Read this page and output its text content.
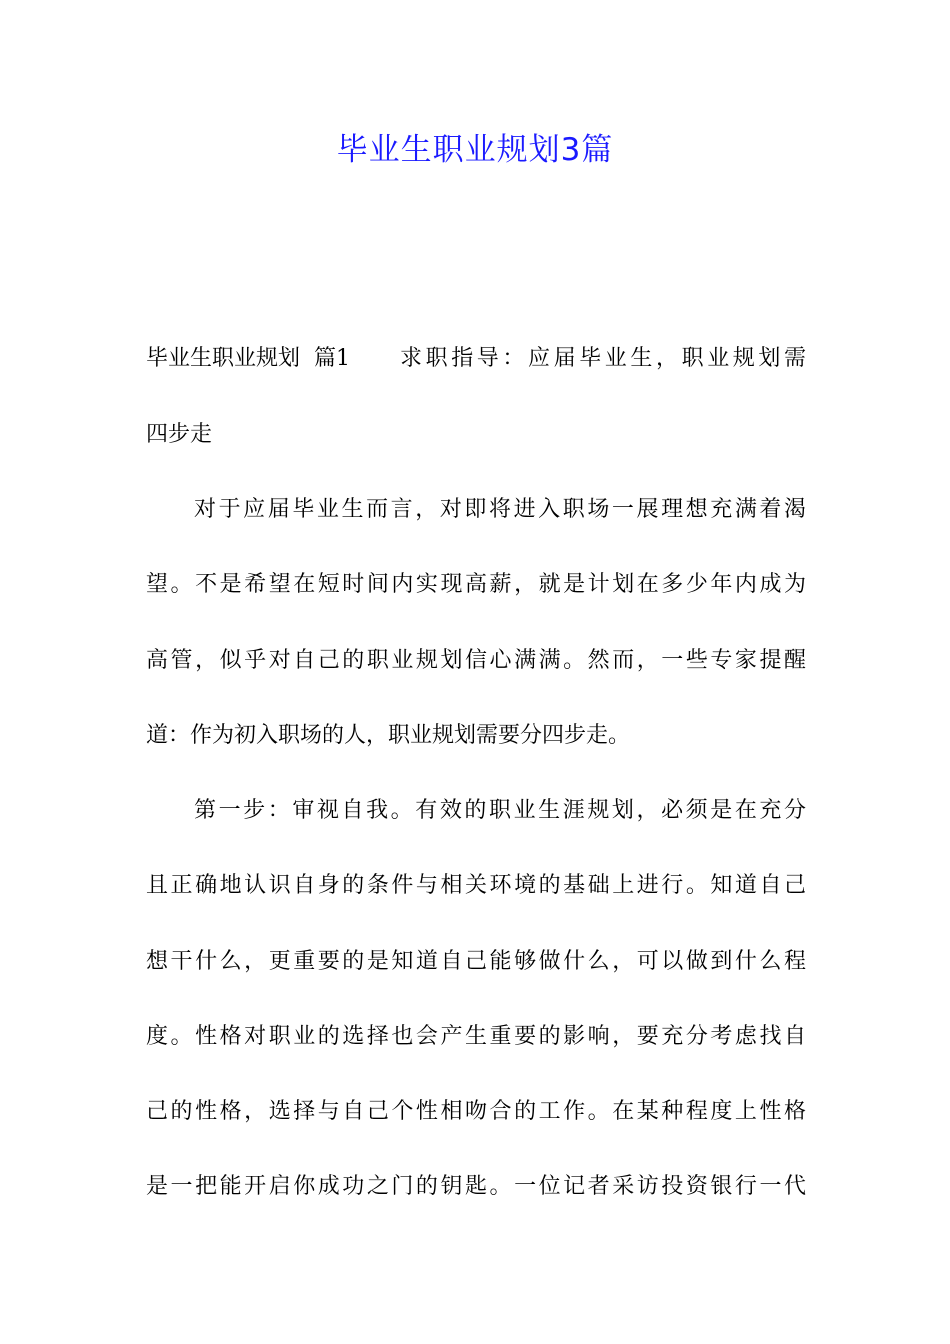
毕业生职业规划3篇
毕业生职业规划 篇1 求职指导：应届毕业生，职业规划需
四步走
对于应届毕业生而言，对即将进入职场一展理想充满着渴
望。不是希望在短时间内实现高薪，就是计划在多少年内成为
高管，似乎对自己的职业规划信心满满。然而，一些专家提醒
道：作为初入职场的人，职业规划需要分四步走。
第一步：审视自我。有效的职业生涯规划，必须是在充分
且正确地认识自身的条件与相关环境的基础上进行。知道自己
想干什么，更重要的是知道自己能够做什么，可以做到什么程
度。性格对职业的选择也会产生重要的影响，要充分考虑找自
己的性格，选择与自己个性相吻合的工作。在某种程度上性格
是一把能开启你成功之门的钥匙。一位记者采访投资银行一代
